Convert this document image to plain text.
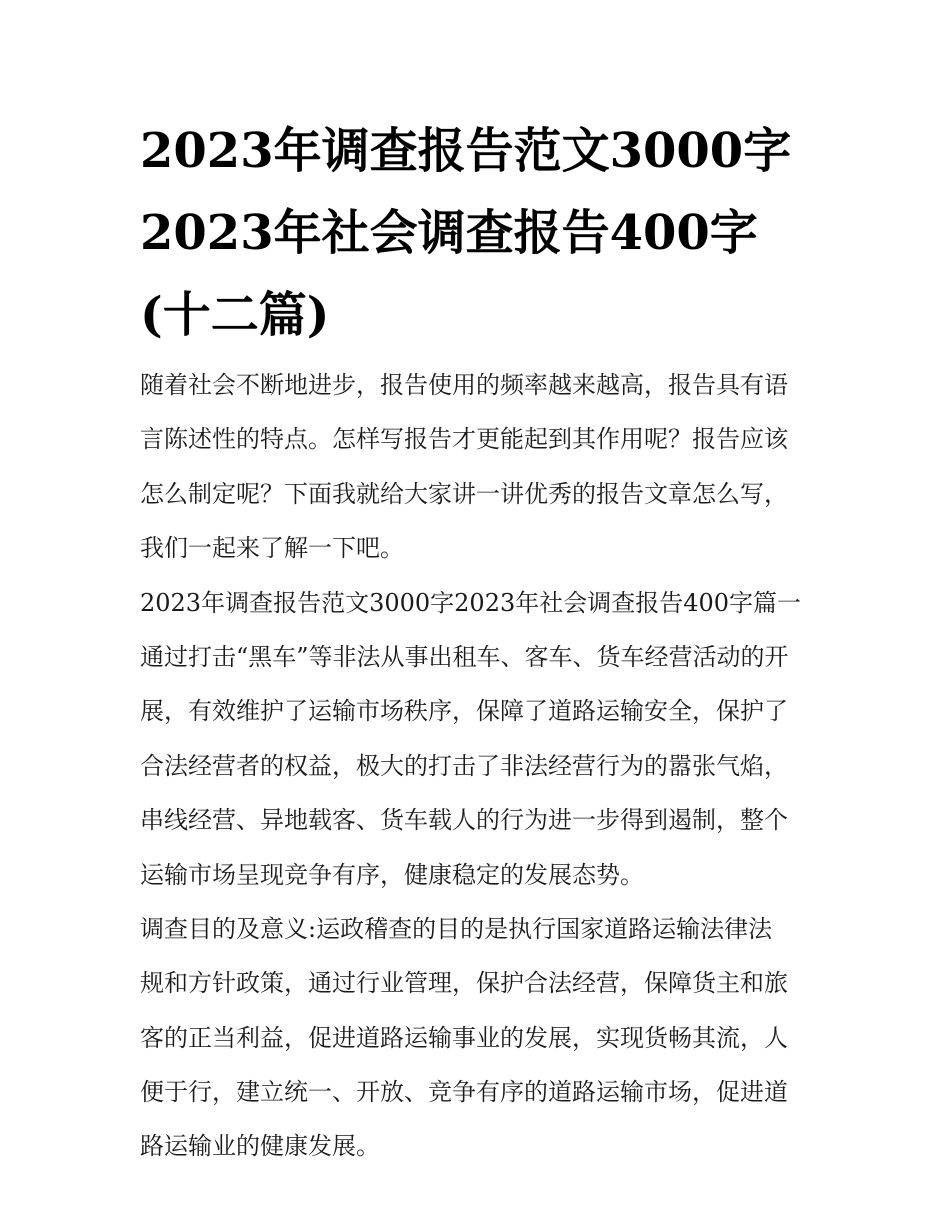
2023年调查报告范文3000字
2023年社会调查报告400字
(十二篇)
随着社会不断地进步，报告使用的频率越来越高，报告具有语
言陈述性的特点。怎样写报告才更能起到其作用呢？报告应该
怎么制定呢？下面我就给大家讲一讲优秀的报告文章怎么写，
我们一起来了解一下吧。
2023年调查报告范文3000字2023年社会调查报告400字篇一
通过打击“黑车”等非法从事出租车、客车、货车经营活动的开
展，有效维护了运输市场秩序，保障了道路运输安全，保护了
合法经营者的权益，极大的打击了非法经营行为的嚣张气焰，
串线经营、异地载客、货车载人的行为进一步得到遏制，整个
运输市场呈现竞争有序，健康稳定的发展态势。
调查目的及意义:运政稽查的目的是执行国家道路运输法律法
规和方针政策，通过行业管理，保护合法经营，保障货主和旅
客的正当利益，促进道路运输事业的发展，实现货畅其流，人
便于行，建立统一、开放、竞争有序的道路运输市场，促进道
路运输业的健康发展。
